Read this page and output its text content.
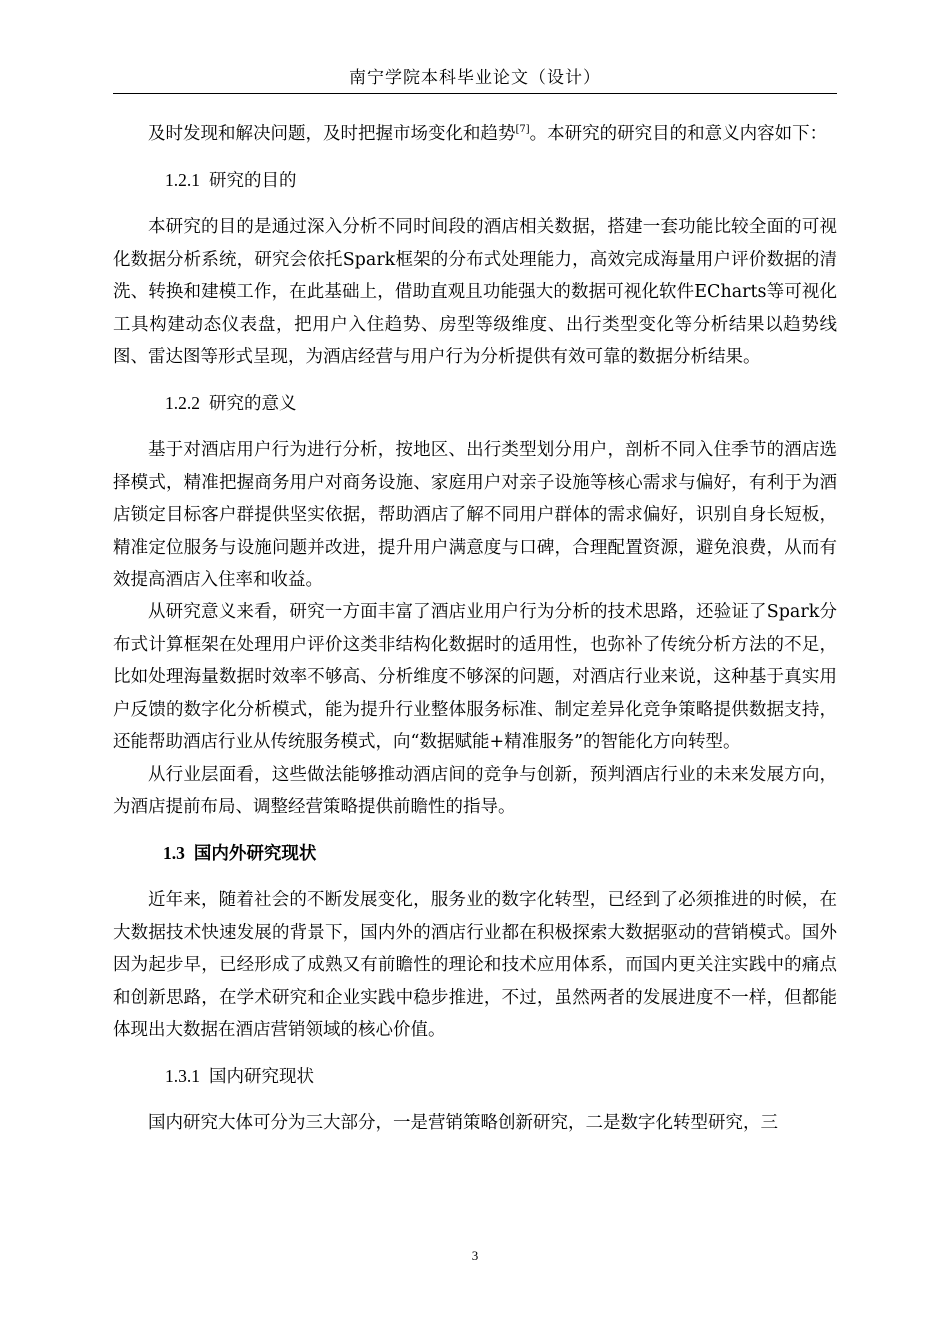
南宁学院本科毕业论文（设计）

及时发现和解决问题，及时把握市场变化和趋势[7]。本研究的研究目的和意义内容如下：

1.2.1 研究的目的

本研究的目的是通过深入分析不同时间段的酒店相关数据，搭建一套功能比较全面的可视化数据分析系统，研究会依托Spark框架的分布式处理能力，高效完成海量用户评价数据的清洗、转换和建模工作，在此基础上，借助直观且功能强大的数据可视化软件ECharts等可视化工具构建动态仪表盘，把用户入住趋势、房型等级维度、出行类型变化等分析结果以趋势线图、雷达图等形式呈现，为酒店经营与用户行为分析提供有效可靠的数据分析结果。

1.2.2 研究的意义

基于对酒店用户行为进行分析，按地区、出行类型划分用户，剖析不同入住季节的酒店选择模式，精准把握商务用户对商务设施、家庭用户对亲子设施等核心需求与偏好，有利于为酒店锁定目标客户群提供坚实依据，帮助酒店了解不同用户群体的需求偏好，识别自身长短板，精准定位服务与设施问题并改进，提升用户满意度与口碑，合理配置资源，避免浪费，从而有效提高酒店入住率和收益。

从研究意义来看，研究一方面丰富了酒店业用户行为分析的技术思路，还验证了Spark分布式计算框架在处理用户评价这类非结构化数据时的适用性，也弥补了传统分析方法的不足，比如处理海量数据时效率不够高、分析维度不够深的问题，对酒店行业来说，这种基于真实用户反馈的数字化分析模式，能为提升行业整体服务标准、制定差异化竞争策略提供数据支持，还能帮助酒店行业从传统服务模式，向“数据赋能+精准服务”的智能化方向转型。

从行业层面看，这些做法能够推动酒店间的竞争与创新，预判酒店行业的未来发展方向，为酒店提前布局、调整经营策略提供前瞻性的指导。

1.3 国内外研究现状

近年来，随着社会的不断发展变化，服务业的数字化转型，已经到了必须推进的时候，在大数据技术快速发展的背景下，国内外的酒店行业都在积极探索大数据驱动的营销模式。国外因为起步早，已经形成了成熟又有前瞻性的理论和技术应用体系，而国内更关注实践中的痛点和创新思路，在学术研究和企业实践中稳步推进，不过，虽然两者的发展进度不一样，但都能体现出大数据在酒店营销领域的核心价值。

1.3.1 国内研究现状

国内研究大体可分为三大部分，一是营销策略创新研究，二是数字化转型研究，三

3
